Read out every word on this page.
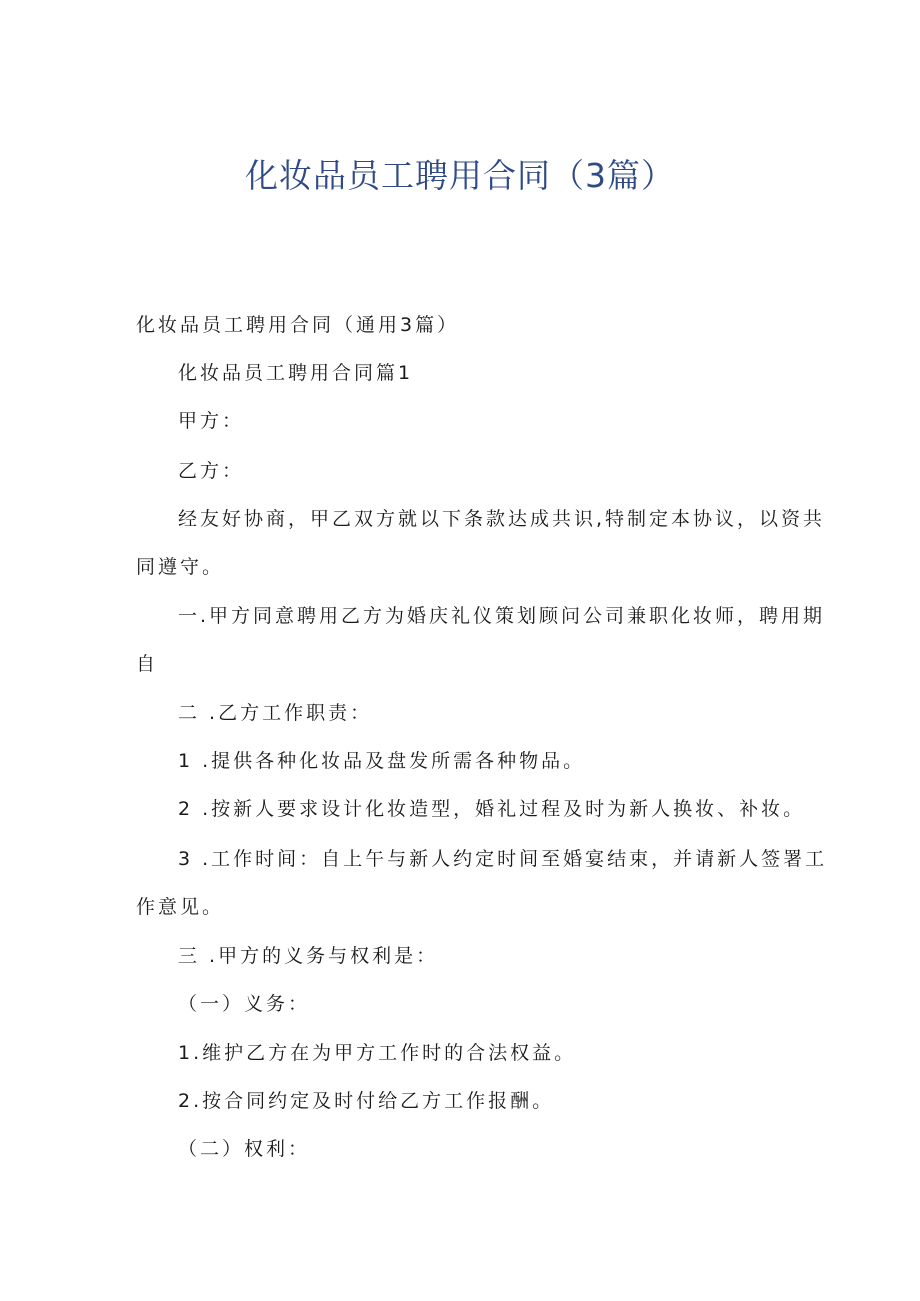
化妆品员工聘用合同（3篇）
化妆品员工聘用合同（通用3篇）
化妆品员工聘用合同篇1
甲方：
乙方：
经友好协商，甲乙双方就以下条款达成共识,特制定本协议，以资共
同遵守。
一.甲方同意聘用乙方为婚庆礼仪策划顾问公司兼职化妆师，聘用期
自
二 .乙方工作职责：
1 .提供各种化妆品及盘发所需各种物品。
2 .按新人要求设计化妆造型，婚礼过程及时为新人换妆、补妆。
3 .工作时间：自上午与新人约定时间至婚宴结束，并请新人签署工
作意见。
三 .甲方的义务与权利是：
（一）义务：
1.维护乙方在为甲方工作时的合法权益。
2.按合同约定及时付给乙方工作报酬。
（二）权利：
